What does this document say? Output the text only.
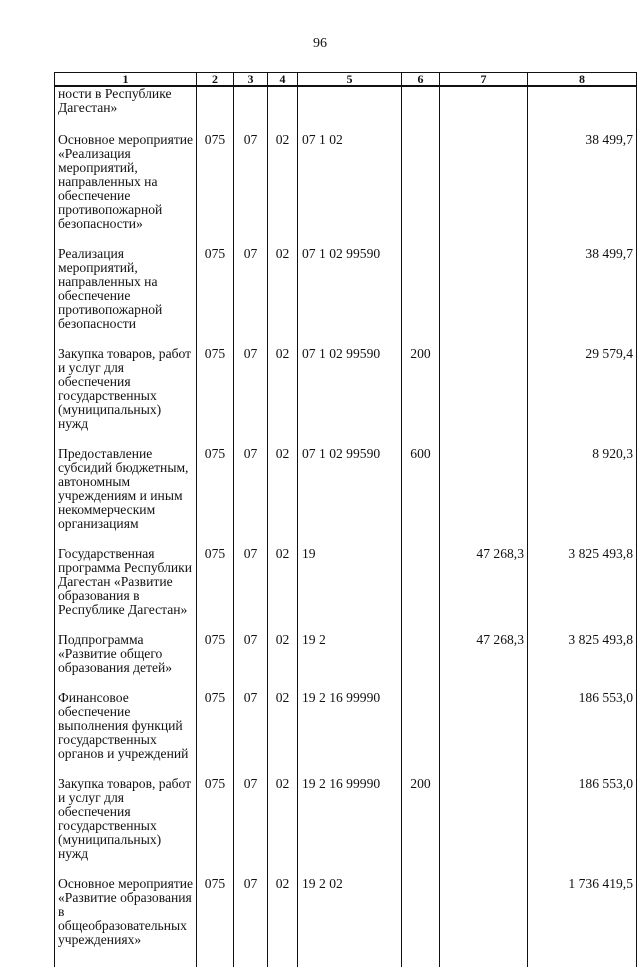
96
1	2	3	4	5	6	7	8
ности в Республике Дагестан»							

Основное мероприятие «Реализация мероприятий, направленных на обеспечение противопожарной безопасности»	075	07	02	07 1 02			38 499,7

Реализация мероприятий, направленных на обеспечение противопожарной безопасности	075	07	02	07 1 02 99590			38 499,7

Закупка товаров, работ и услуг для обеспечения государственных (муниципальных) нужд	075	07	02	07 1 02 99590	200		29 579,4

Предоставление субсидий бюджетным, автономным учреждениям и иным некоммерческим организациям	075	07	02	07 1 02 99590	600		8 920,3

Государственная программа Республики Дагестан «Развитие образования в Республике Дагестан»	075	07	02	19		47 268,3	3 825 493,8

Подпрограмма «Развитие общего образования детей»	075	07	02	19 2		47 268,3	3 825 493,8

Финансовое обеспечение выполнения функций государственных органов и учреждений	075	07	02	19 2 16 99990			186 553,0

Закупка товаров, работ и услуг для обеспечения государственных (муниципальных) нужд	075	07	02	19 2 16 99990	200		186 553,0

Основное мероприятие «Развитие образования в общеобразовательных учреждениях»	075	07	02	19 2 02			1 736 419,5
